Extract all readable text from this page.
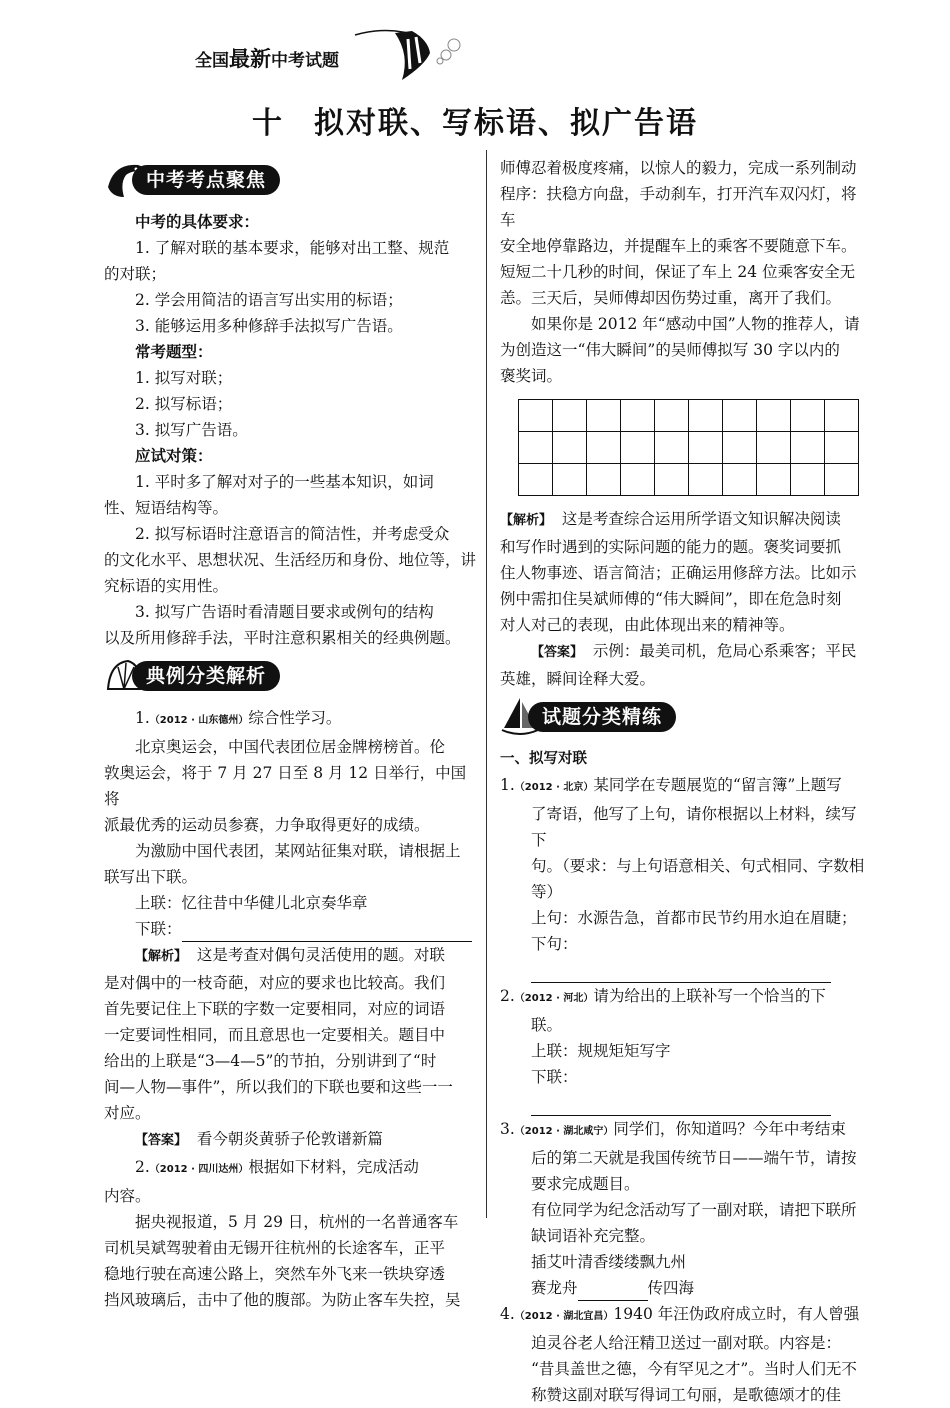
全国最新中考试题
十 拟对联、写标语、拟广告语
中考考点聚焦

中考的具体要求：

1. 了解对联的基本要求，能够对出工整、规范

的对联；

2. 学会用简洁的语言写出实用的标语；

3. 能够运用多种修辞手法拟写广告语。

常考题型：

1. 拟写对联；

2. 拟写标语；

3. 拟写广告语。

应试对策：

1. 平时多了解对对子的一些基本知识，如词

性、短语结构等。

2. 拟写标语时注意语言的简洁性，并考虑受众

的文化水平、思想状况、生活经历和身份、地位等，讲

究标语的实用性。

3. 拟写广告语时看清题目要求或例句的结构

以及所用修辞手法，平时注意积累相关的经典例题。

典例分类解析

1.（2012 · 山东德州）综合性学习。

北京奥运会，中国代表团位居金牌榜榜首。伦

敦奥运会，将于 7 月 27 日至 8 月 12 日举行，中国将

派最优秀的运动员参赛，力争取得更好的成绩。

为激励中国代表团，某网站征集对联，请根据上

联写出下联。

上联：忆往昔中华健儿北京奏华章

下联：

【解析】 这是考查对偶句灵活使用的题。对联

是对偶中的一枝奇葩，对应的要求也比较高。我们

首先要记住上下联的字数一定要相同，对应的词语

一定要词性相同，而且意思也一定要相关。题目中

给出的上联是“3—4—5”的节拍，分别讲到了“时

间—人物—事件”，所以我们的下联也要和这些一一

对应。

【答案】 看今朝炎黄骄子伦敦谱新篇

2.（2012 · 四川达州）根据如下材料，完成活动

内容。

据央视报道，5 月 29 日，杭州的一名普通客车

司机吴斌驾驶着由无锡开往杭州的长途客车，正平

稳地行驶在高速公路上，突然车外飞来一铁块穿透

挡风玻璃后，击中了他的腹部。为防止客车失控，吴

师傅忍着极度疼痛，以惊人的毅力，完成一系列制动

程序：扶稳方向盘，手动刹车，打开汽车双闪灯，将车

安全地停靠路边，并提醒车上的乘客不要随意下车。

短短二十几秒的时间，保证了车上 24 位乘客安全无

恙。三天后，吴师傅却因伤势过重，离开了我们。

如果你是 2012 年“感动中国”人物的推荐人，请

为创造这一“伟大瞬间”的吴师傅拟写 30 字以内的

褒奖词。

【解析】 这是考查综合运用所学语文知识解决阅读

和写作时遇到的实际问题的能力的题。褒奖词要抓

住人物事迹、语言简洁；正确运用修辞方法。比如示

例中需扣住吴斌师傅的“伟大瞬间”，即在危急时刻

对人对己的表现，由此体现出来的精神等。

【答案】 示例：最美司机，危局心系乘客；平民

英雄，瞬间诠释大爱。

试题分类精练

一、拟写对联

1.（2012 · 北京）某同学在专题展览的“留言簿”上题写

了寄语，他写了上句，请你根据以上材料，续写下

句。（要求：与上句语意相关、句式相同、字数相

等）

上句：水源告急，首都市民节约用水迫在眉睫；

下句：

2.（2012 · 河北）请为给出的上联补写一个恰当的下

联。

上联：规规矩矩写字

下联：

3.（2012 · 湖北咸宁）同学们，你知道吗？今年中考结束

后的第二天就是我国传统节日——端午节，请按

要求完成题目。

有位同学为纪念活动写了一副对联，请把下联所

缺词语补充完整。

插艾叶清香缕缕飘九州

赛龙舟	传四海

4.（2012 · 湖北宜昌）1940 年汪伪政府成立时，有人曾强

迫灵谷老人给汪精卫送过一副对联。内容是：

“昔具盖世之德，今有罕见之才”。当时人们无不

称赞这副对联写得词工句丽，是歌德颂才的佳
